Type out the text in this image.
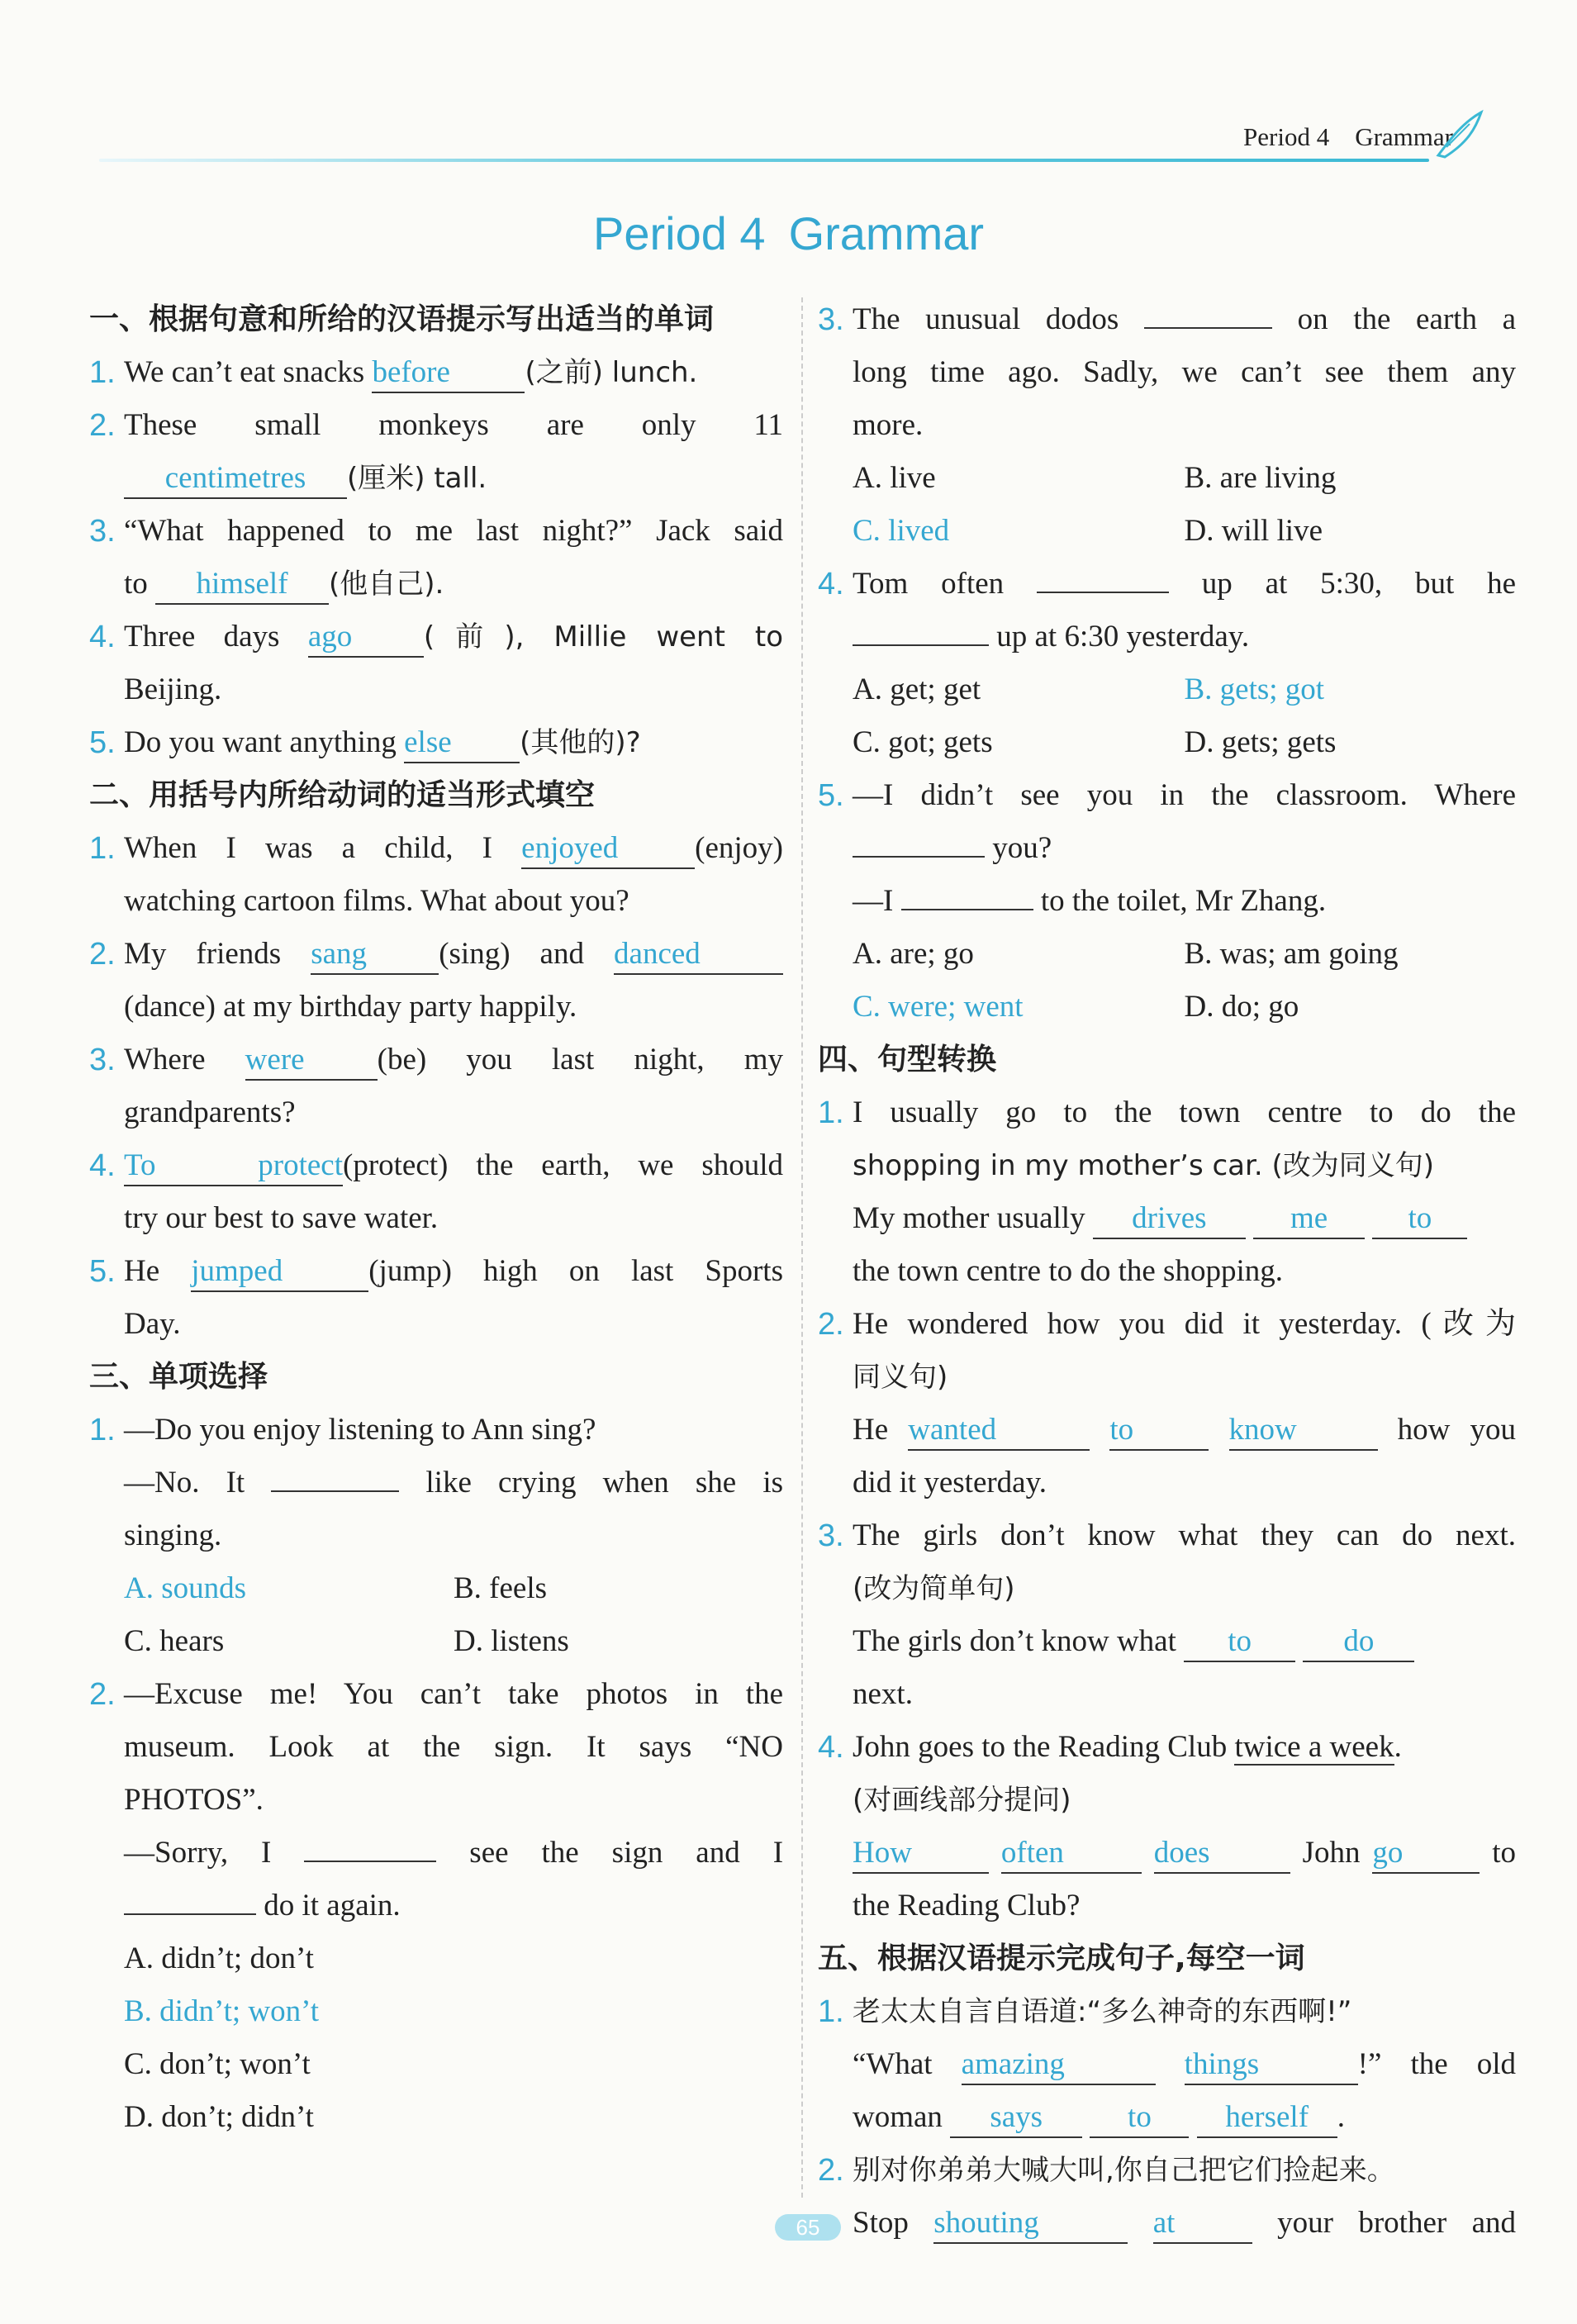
Period 4　Grammar
Period 4 Grammar
一、根据句意和所给的汉语提示写出适当的单词
1. We can’t eat snacks before	(之前) lunch.
2. These small monkeys are only 11
centimetres (厘米) tall.
3. “What happened to me last night?” Jack said
to himself (他自己).
4. Three days ago	(前), Millie went to
Beijing.
5. Do you want anything else (其他的)?
二、用括号内所给动词的适当形式填空
1. When I was a child, I enjoyed	(enjoy)
watching cartoon films. What about you?
2. My friends sang (sing) and danced
(dance) at my birthday party happily.
3. Where were (be) you last night, my
grandparents?
4. To protect(protect) the earth, we should
try our best to save water.
5. He jumped	(jump) high on last Sports
Day.
三、单项选择
1. —Do you enjoy listening to Ann sing?
—No. It	like crying when she is
singing.
A. sounds	B. feels
C. hears	D. listens
2. —Excuse me! You can’t take photos in the
museum. Look at the sign. It says “NO
PHOTOS”.
—Sorry, I	see the sign and I
do it again.
A. didn’t; don’t
B. didn’t; won’t
C. don’t; won’t
D. don’t; didn’t
3. The unusual dodos	on the earth a
long time ago. Sadly, we can’t see them any
more.
A. live	B. are living
C. lived	D. will live
4. Tom often	up at 5:30, but he
up at 6:30 yesterday.
A. get; get	B. gets; got
C. got; gets	D. gets; gets
5. —I didn’t see you in the classroom. Where
you?
—I	to the toilet, Mr Zhang.
A. are; go	B. was; am going
C. were; went	D. do; go
四、句型转换
1. I usually go to the town centre to do the
shopping in my mother’s car. (改为同义句)
My mother usually drives	me	to
the town centre to do the shopping.
2. He wondered how you did it yesterday. (改为
同义句)
He wanted	to	know	how you
did it yesterday.
3. The girls don’t know what they can do next.
(改为简单句)
The girls don’t know what to	do
next.
4. John goes to the Reading Club twice a week.
(对画线部分提问)
How	often	does	John go	to
the Reading Club?
五、根据汉语提示完成句子,每空一词
1. 老太太自言自语道:“多么神奇的东西啊!”
“What amazing	things	!” the old
woman says	to herself .
2. 别对你弟弟大喊大叫,你自己把它们捡起来。
Stop shouting	at	your brother and
65
